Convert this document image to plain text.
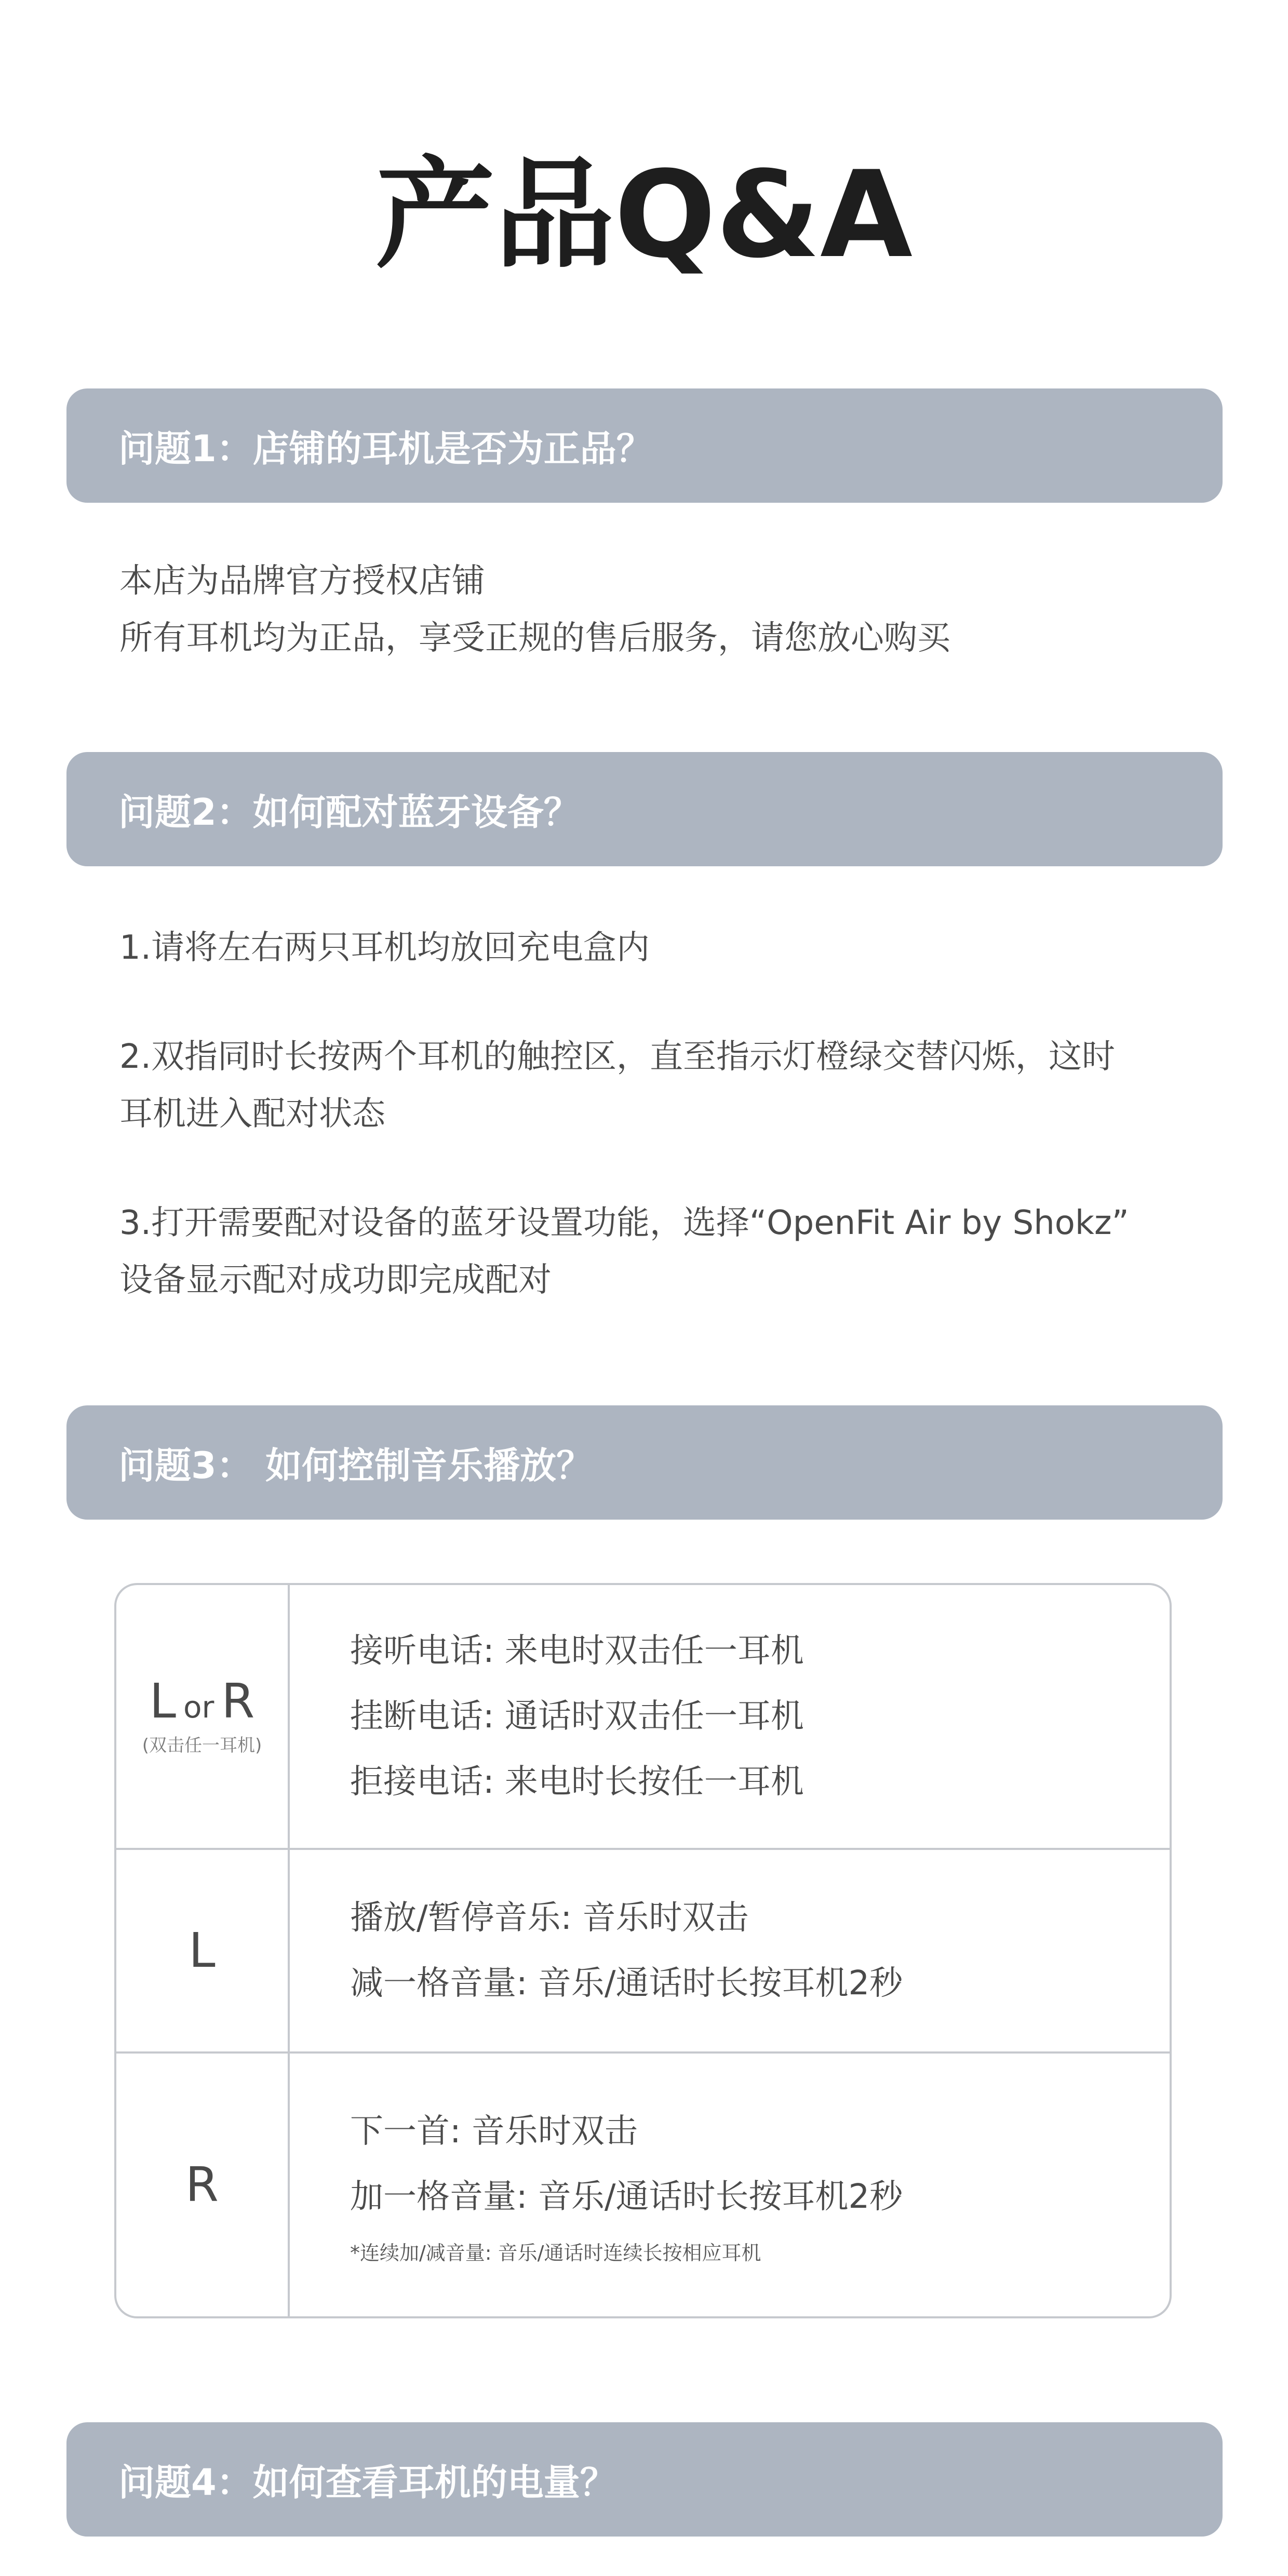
产品Q&A
问题1：店铺的耳机是否为正品？

本店为品牌官方授权店铺

所有耳机均为正品，享受正规的售后服务，请您放心购买

问题2：如何配对蓝牙设备？

1.请将左右两只耳机均放回充电盒内

2.双指同时长按两个耳机的触控区，直至指示灯橙绿交替闪烁，这时

耳机进入配对状态

3.打开需要配对设备的蓝牙设置功能，选择“OpenFit Air by Shokz”

设备显示配对成功即完成配对

问题3： 如何控制音乐播放？
Lor R
(双击任一耳机)
接听电话: 来电时双击任一耳机
挂断电话: 通话时双击任一耳机
拒接电话: 来电时长按任一耳机
L
播放/暂停音乐: 音乐时双击
减一格音量: 音乐/通话时长按耳机2秒
R
下一首: 音乐时双击
加一格音量: 音乐/通话时长按耳机2秒
*连续加/减音量: 音乐/通话时连续长按相应耳机
问题4：如何查看耳机的电量？
